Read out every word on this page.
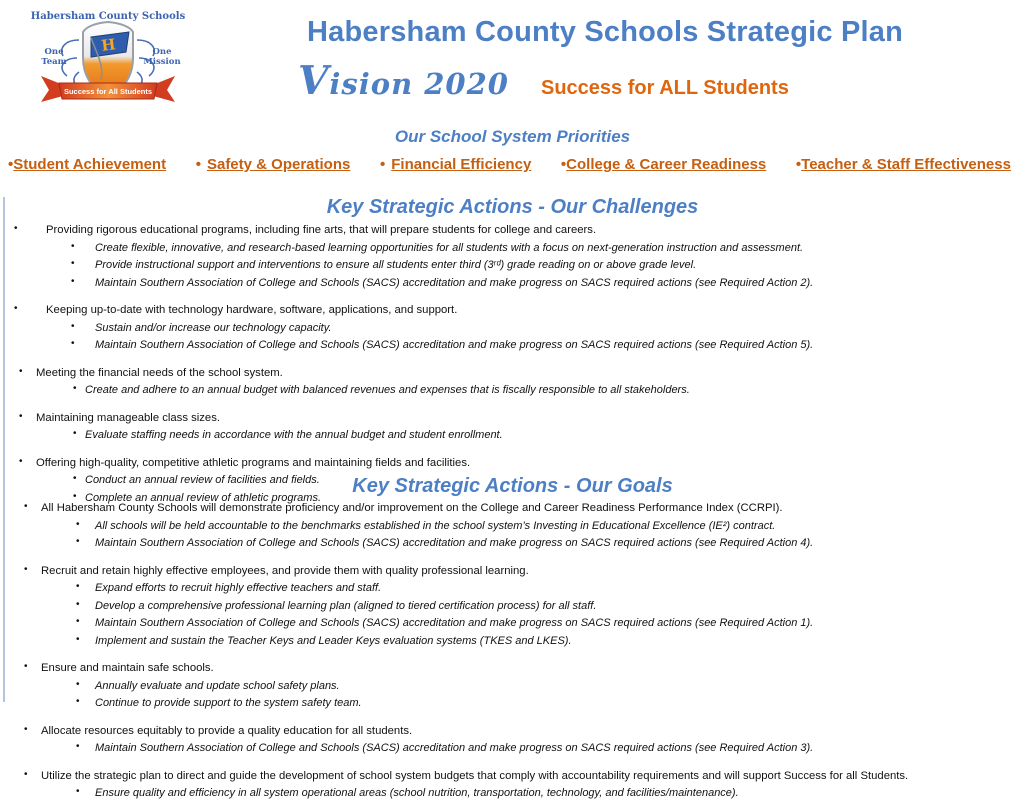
Habersham County Schools
H
One
Team
One
Mission
Success for All Students
Habersham County Schools Strategic Plan
Vision 2020 Success for ALL Students
Our School System Priorities
•Student Achievement • Safety & Operations • Financial Efficiency •College & Career Readiness •Teacher & Staff Effectiveness
Key Strategic Actions - Our Challenges
•	Providing rigorous educational programs, including fine arts, that will prepare students for college and careers.
• Create flexible, innovative, and research-based learning opportunities for all students with a focus on next-generation instruction and assessment.
• Provide instructional support and interventions to ensure all students enter third (3ʳᵈ) grade reading on or above grade level.
• Maintain Southern Association of College and Schools (SACS) accreditation and make progress on SACS required actions (see Required Action 2).
•	Keeping up-to-date with technology hardware, software, applications, and support.
• Sustain and/or increase our technology capacity.
• Maintain Southern Association of College and Schools (SACS) accreditation and make progress on SACS required actions (see Required Action 5).
• Meeting the financial needs of the school system.
• Create and adhere to an annual budget with balanced revenues and expenses that is fiscally responsible to all stakeholders.
• Maintaining manageable class sizes.
• Evaluate staffing needs in accordance with the annual budget and student enrollment.
• Offering high-quality, competitive athletic programs and maintaining fields and facilities.
• Conduct an annual review of facilities and fields.
• Complete an annual review of athletic programs.
Key Strategic Actions - Our Goals
• All Habersham County Schools will demonstrate proficiency and/or improvement on the College and Career Readiness Performance Index (CCRPI).
• All schools will be held accountable to the benchmarks established in the school system’s Investing in Educational Excellence (IE²) contract.
• Maintain Southern Association of College and Schools (SACS) accreditation and make progress on SACS required actions (see Required Action 4).
• Recruit and retain highly effective employees, and provide them with quality professional learning.
• Expand efforts to recruit highly effective teachers and staff.
• Develop a comprehensive professional learning plan (aligned to tiered certification process) for all staff.
• Maintain Southern Association of College and Schools (SACS) accreditation and make progress on SACS required actions (see Required Action 1).
• Implement and sustain the Teacher Keys and Leader Keys evaluation systems (TKES and LKES).
• Ensure and maintain safe schools.
• Annually evaluate and update school safety plans.
• Continue to provide support to the system safety team.
• Allocate resources equitably to provide a quality education for all students.
• Maintain Southern Association of College and Schools (SACS) accreditation and make progress on SACS required actions (see Required Action 3).
• Utilize the strategic plan to direct and guide the development of school system budgets that comply with accountability requirements and will support Success for all Students.
• Ensure quality and efficiency in all system operational areas (school nutrition, transportation, technology, and facilities/maintenance).
